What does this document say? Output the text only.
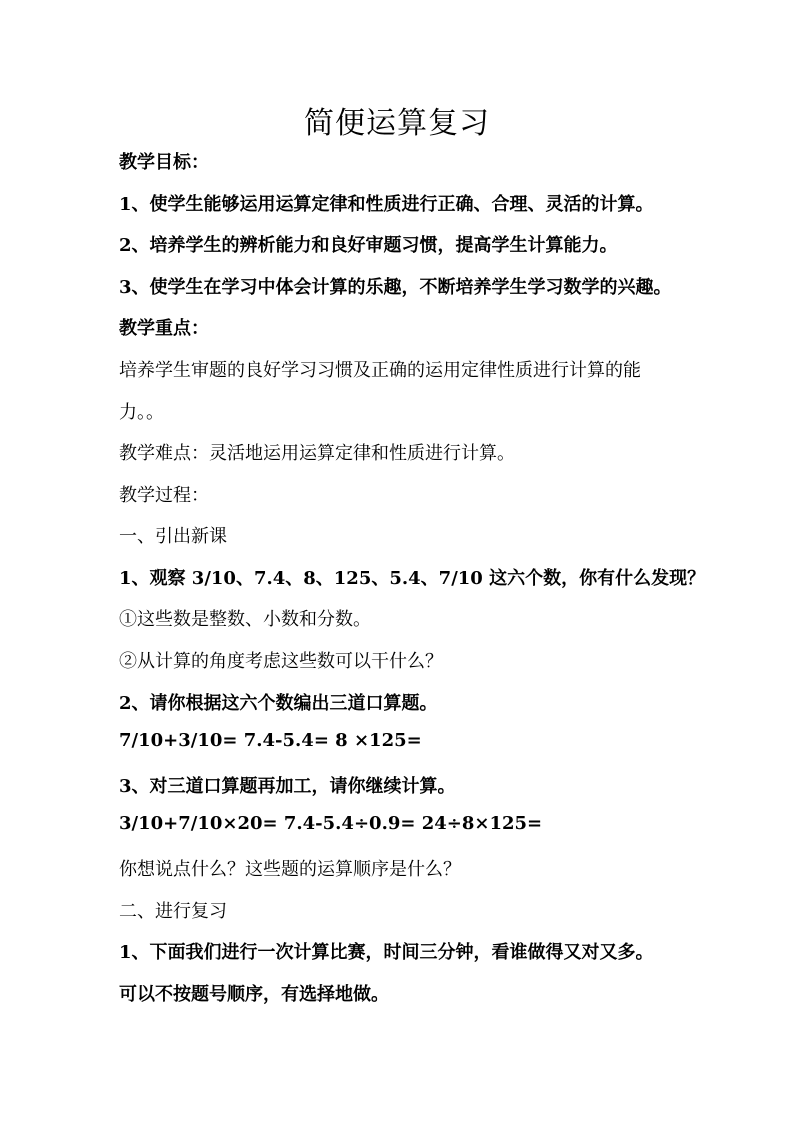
简便运算复习
教学目标：
1、使学生能够运用运算定律和性质进行正确、合理、灵活的计算。
2、培养学生的辨析能力和良好审题习惯，提高学生计算能力。
3、使学生在学习中体会计算的乐趣，不断培养学生学习数学的兴趣。
教学重点：
培养学生审题的良好学习习惯及正确的运用定律性质进行计算的能
力。。
教学难点：灵活地运用运算定律和性质进行计算。
教学过程：
一、引出新课
1、观察 3/10、7.4、8、125、5.4、7/10 这六个数，你有什么发现？
①这些数是整数、小数和分数。
②从计算的角度考虑这些数可以干什么？
2、请你根据这六个数编出三道口算题。
7/10+3/10= 7.4-5.4= 8 ×125=
3、对三道口算题再加工，请你继续计算。
3/10+7/10×20= 7.4-5.4÷0.9= 24÷8×125=
你想说点什么？这些题的运算顺序是什么？
二、进行复习
1、下面我们进行一次计算比赛，时间三分钟，看谁做得又对又多。
可以不按题号顺序，有选择地做。
